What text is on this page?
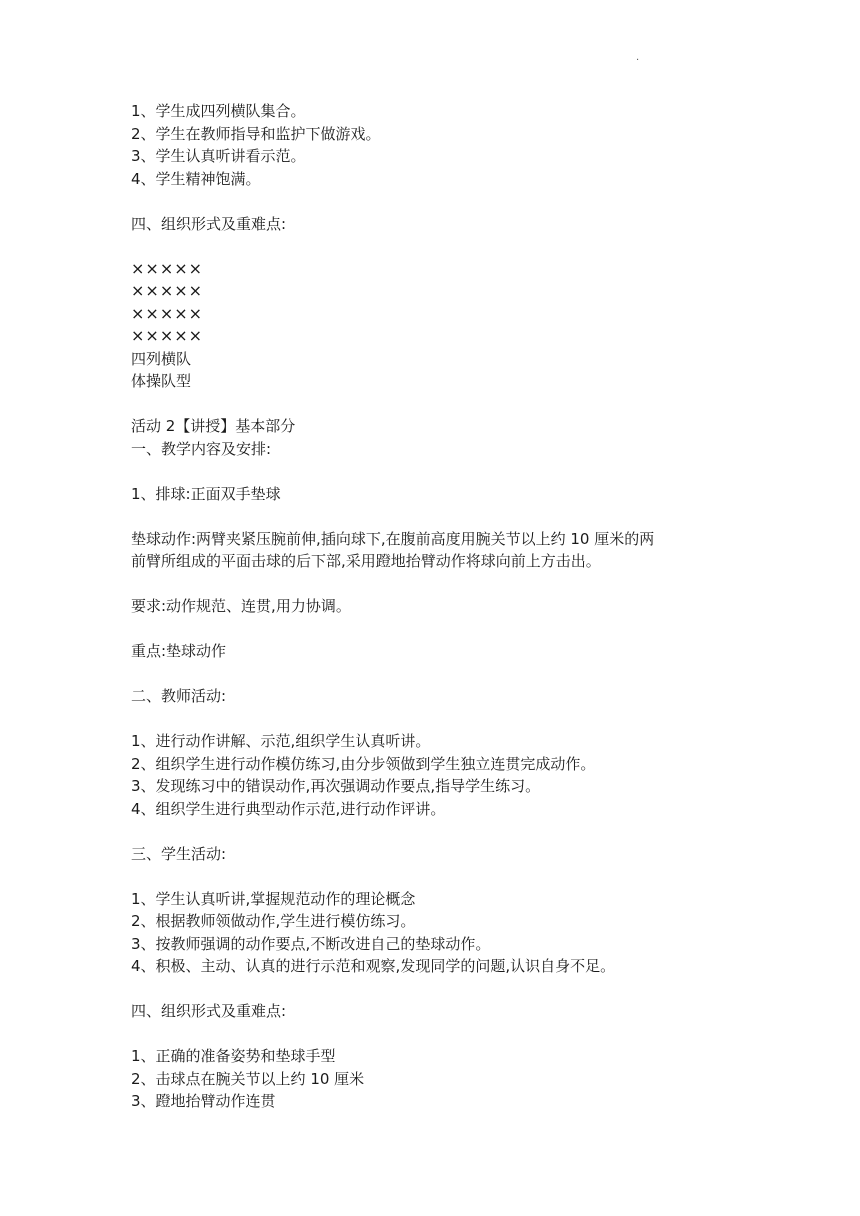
·

1、学生成四列横队集合。

2、学生在教师指导和监护下做游戏。

3、学生认真听讲看示范。

4、学生精神饱满。

四、组织形式及重难点:

×××××

×××××

×××××

×××××

四列横队

体操队型

活动 2【讲授】基本部分

一、教学内容及安排:

1、排球:正面双手垫球

垫球动作:两臂夹紧压腕前伸,插向球下,在腹前高度用腕关节以上约 10 厘米的两

前臂所组成的平面击球的后下部,采用蹬地抬臂动作将球向前上方击出。

要求:动作规范、连贯,用力协调。

重点:垫球动作

二、教师活动:

1、进行动作讲解、示范,组织学生认真听讲。

2、组织学生进行动作模仿练习,由分步领做到学生独立连贯完成动作。

3、发现练习中的错误动作,再次强调动作要点,指导学生练习。

4、组织学生进行典型动作示范,进行动作评讲。

三、学生活动:

1、学生认真听讲,掌握规范动作的理论概念

2、根据教师领做动作,学生进行模仿练习。

3、按教师强调的动作要点,不断改进自己的垫球动作。

4、积极、主动、认真的进行示范和观察,发现同学的问题,认识自身不足。

四、组织形式及重难点:

1、正确的准备姿势和垫球手型

2、击球点在腕关节以上约 10 厘米

3、蹬地抬臂动作连贯
